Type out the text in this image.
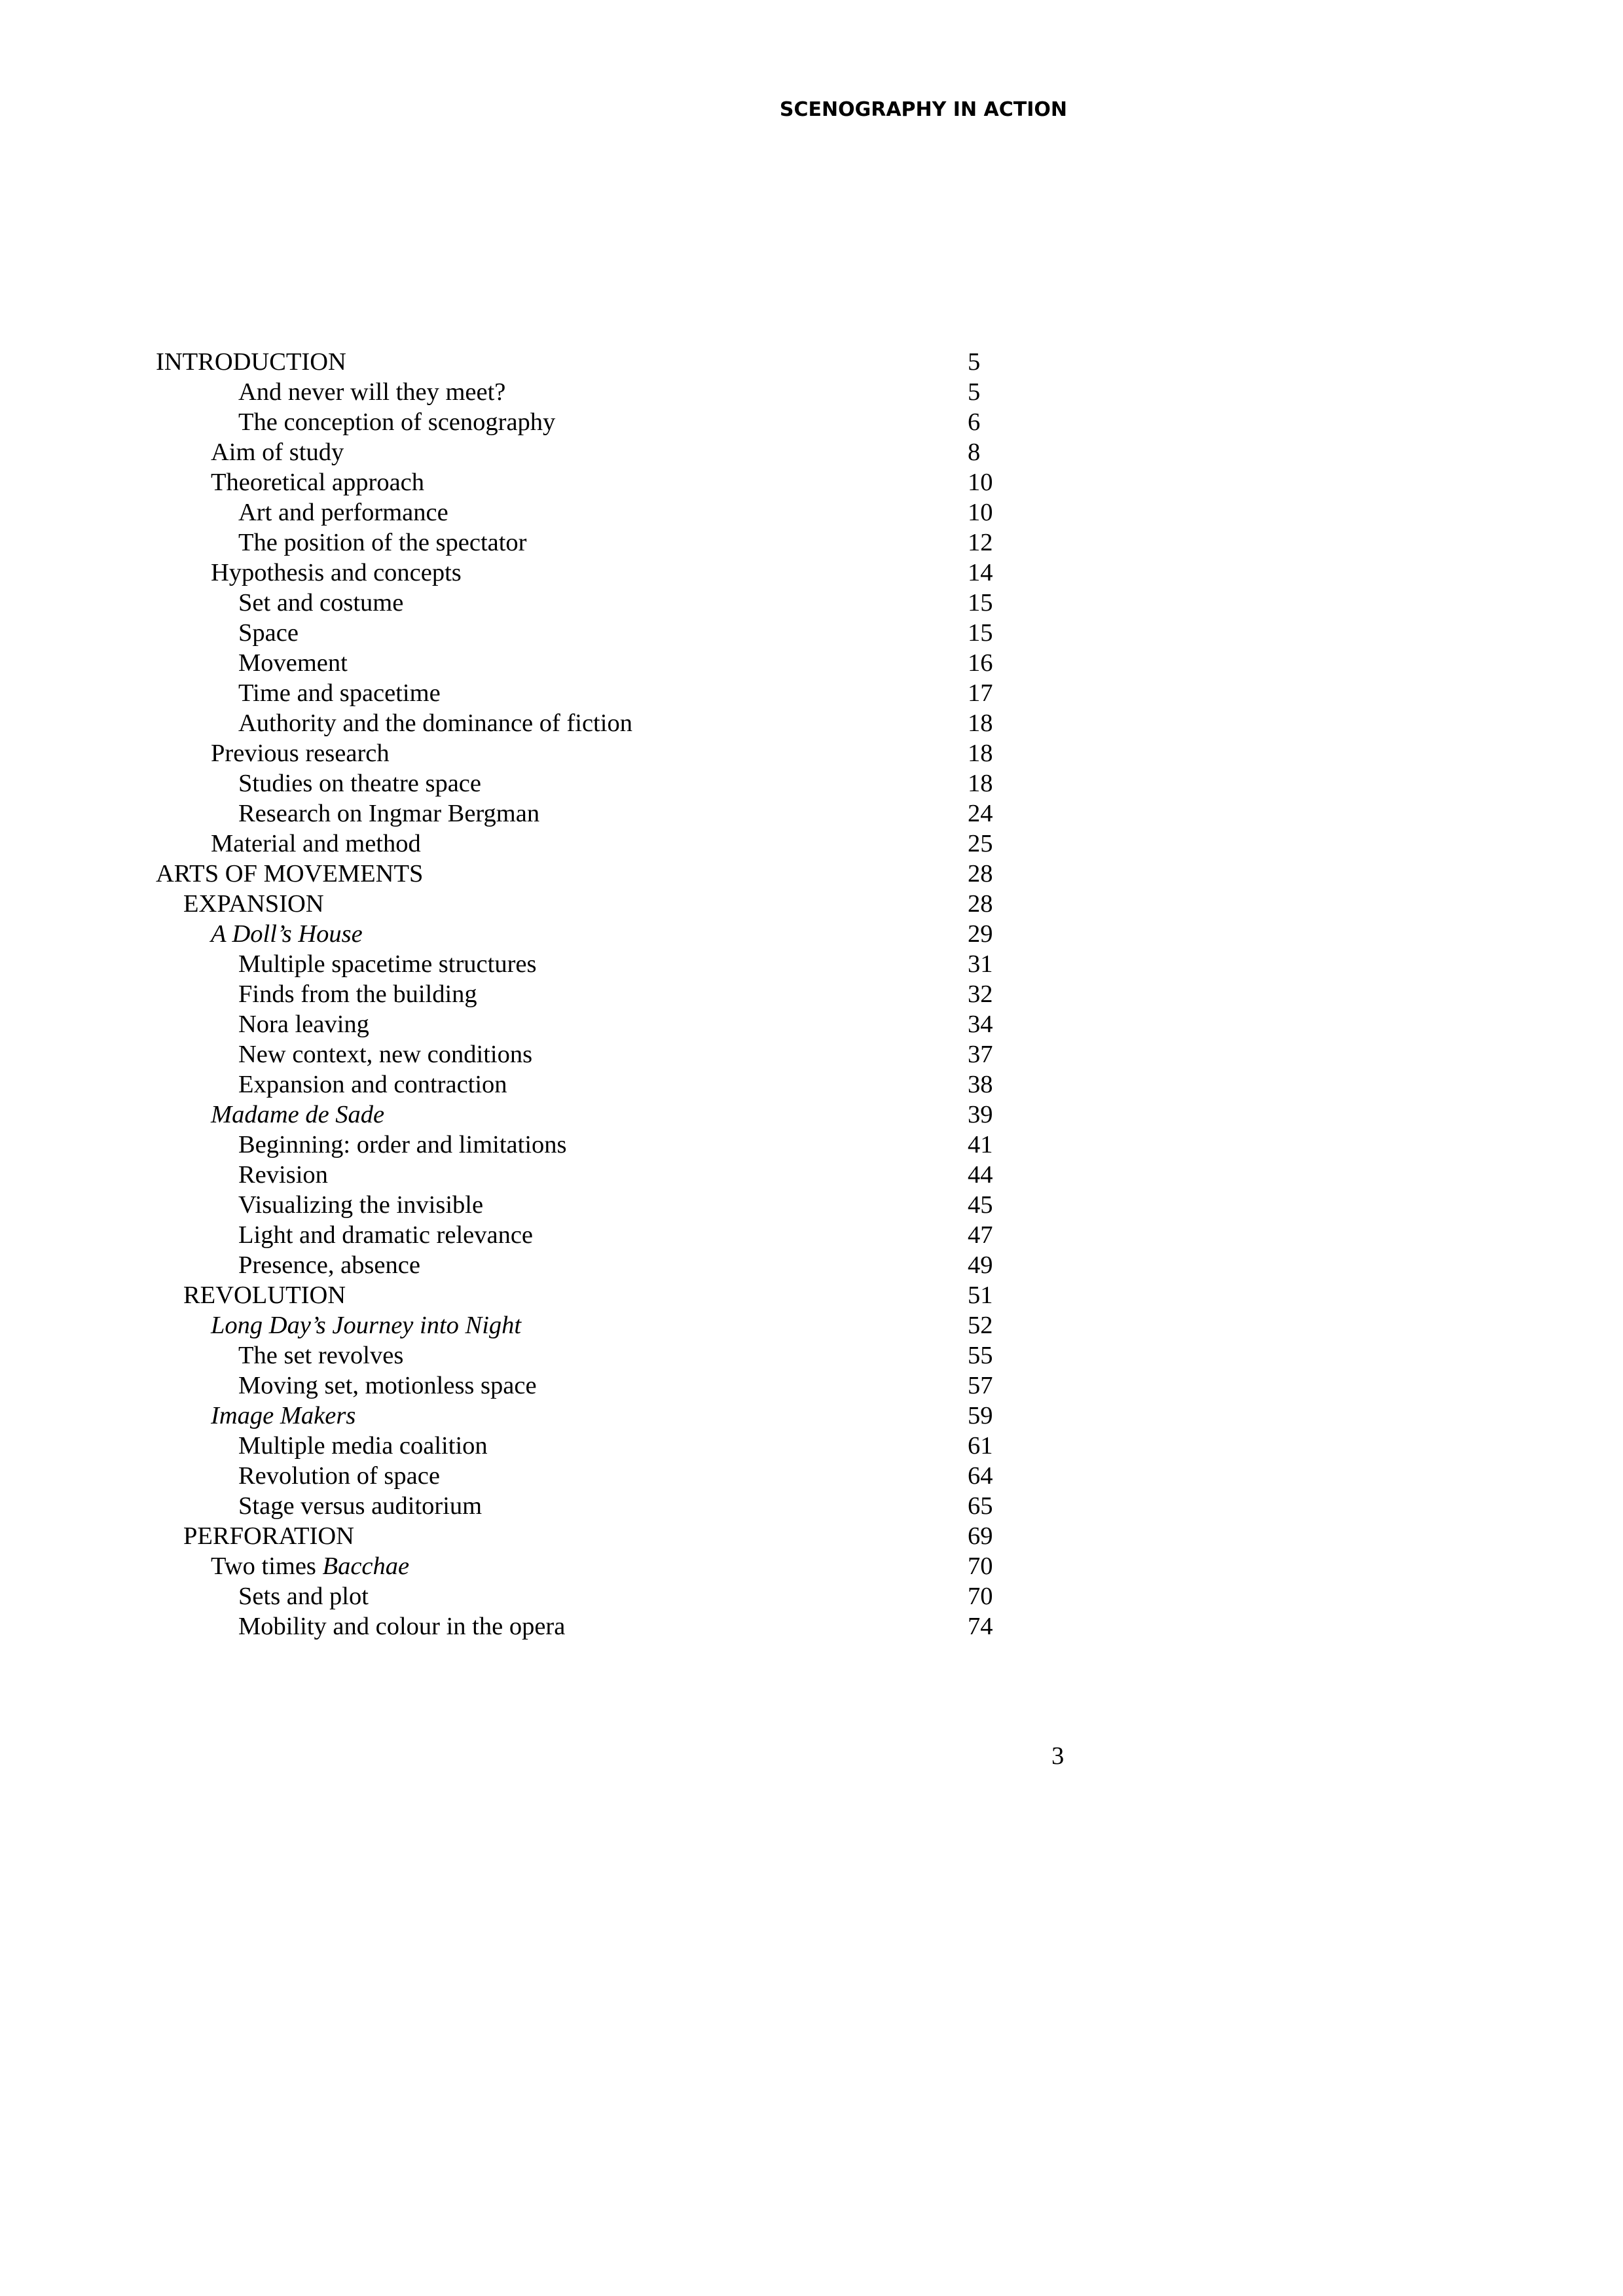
SCENOGRAPHY IN ACTION
INTRODUCTION	5
And never will they meet?	5
The conception of scenography	6
Aim of study	8
Theoretical approach	10
Art and performance	10
The position of the spectator	12
Hypothesis and concepts	14
Set and costume	15
Space	15
Movement	16
Time and spacetime	17
Authority and the dominance of fiction	18
Previous research	18
Studies on theatre space	18
Research on Ingmar Bergman	24
Material and method	25
ARTS OF MOVEMENTS	28
EXPANSION	28
A Doll’s House	29
Multiple spacetime structures	31
Finds from the building	32
Nora leaving	34
New context, new conditions	37
Expansion and contraction	38
Madame de Sade	39
Beginning: order and limitations	41
Revision	44
Visualizing the invisible	45
Light and dramatic relevance	47
Presence, absence	49
REVOLUTION	51
Long Day’s Journey into Night	52
The set revolves	55
Moving set, motionless space	57
Image Makers	59
Multiple media coalition	61
Revolution of space	64
Stage versus auditorium	65
PERFORATION	69
Two times Bacchae	70
Sets and plot	70
Mobility and colour in the opera	74
3
